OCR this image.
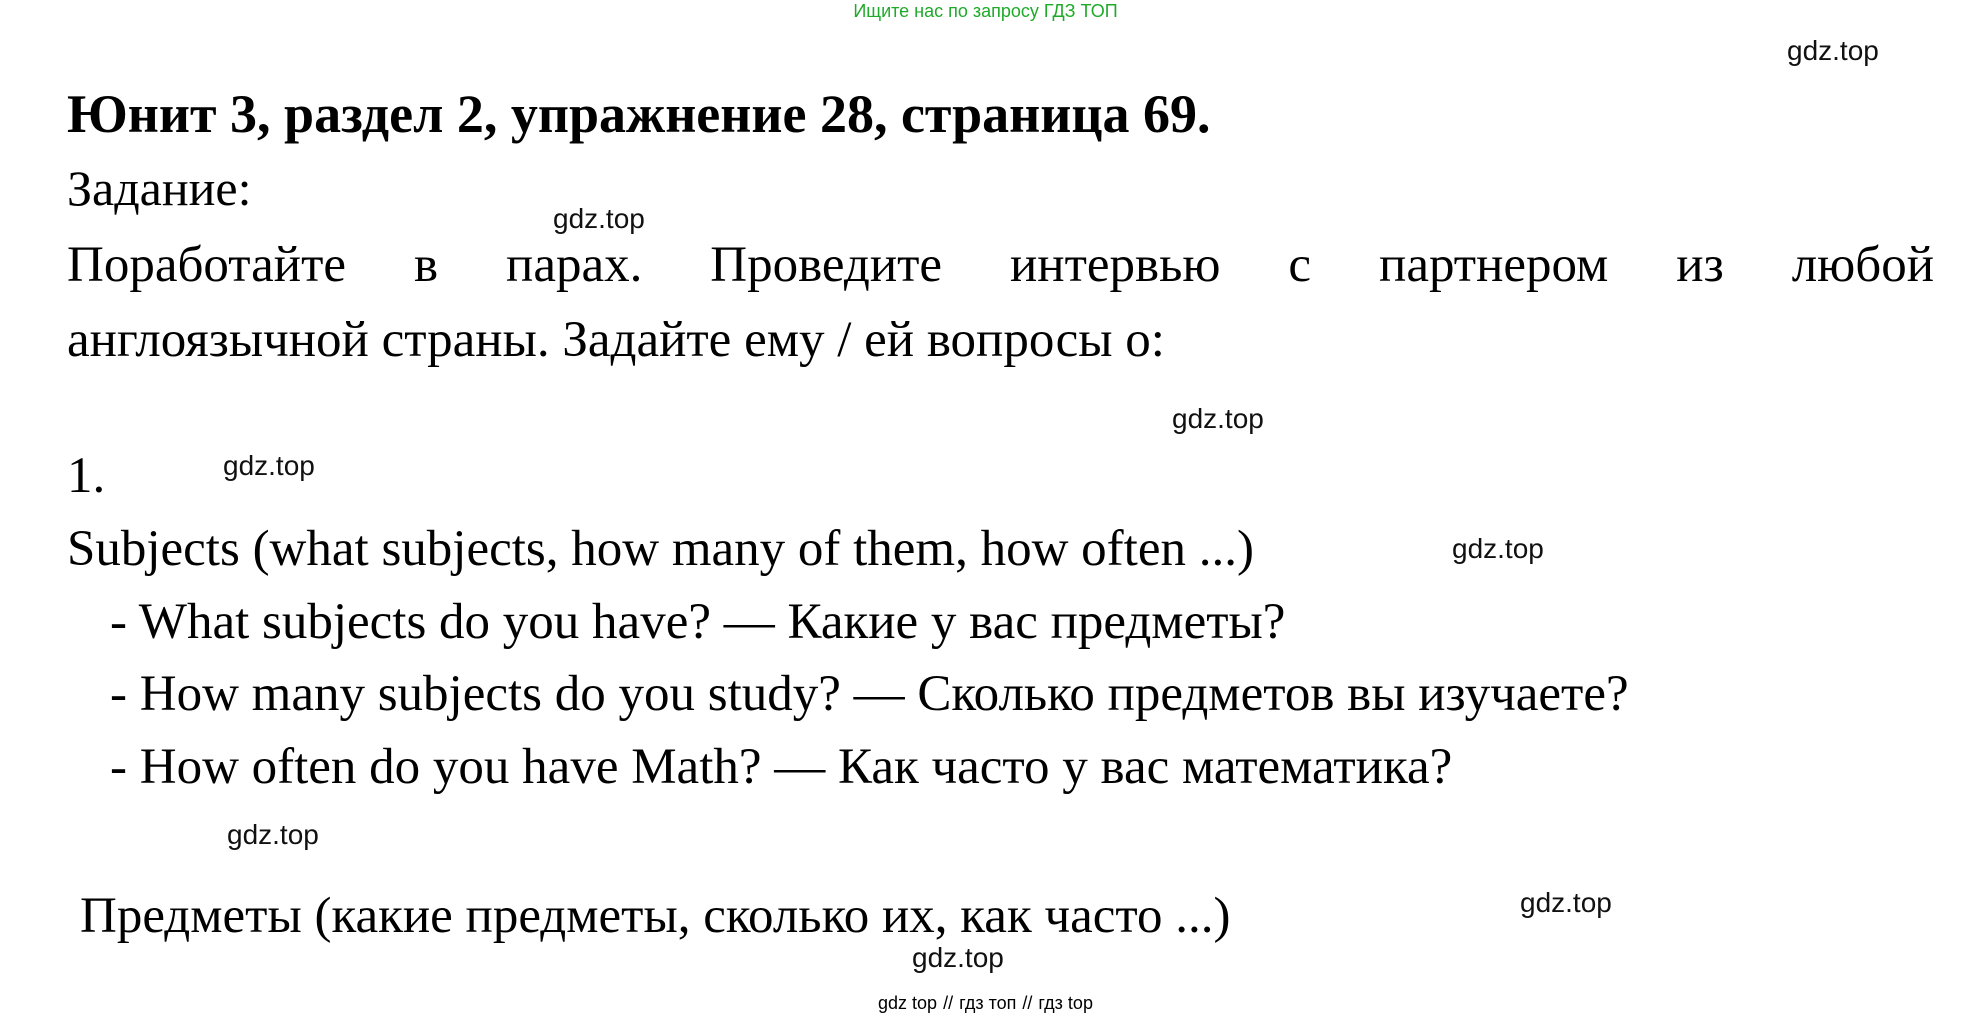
Ищите нас по запросу ГДЗ ТОП
gdz.top
Юнит 3, раздел 2, упражнение 28, страница 69.
Задание:
gdz.top
Поработайте в парах. Проведите интервью с партнером из любой
англоязычной страны. Задайте ему / ей вопросы о:
gdz.top
1.	gdz.top
Subjects (what subjects, how many of them, how often ...)	gdz.top
- What subjects do you have? — Какие у вас предметы?
- How many subjects do you study? — Сколько предметов вы изучаете?
- How often do you have Math? — Как часто у вас математика?
gdz.top
Предметы (какие предметы, сколько их, как часто ...)	gdz.top
gdz.top
gdz top // гдз топ // гдз top
